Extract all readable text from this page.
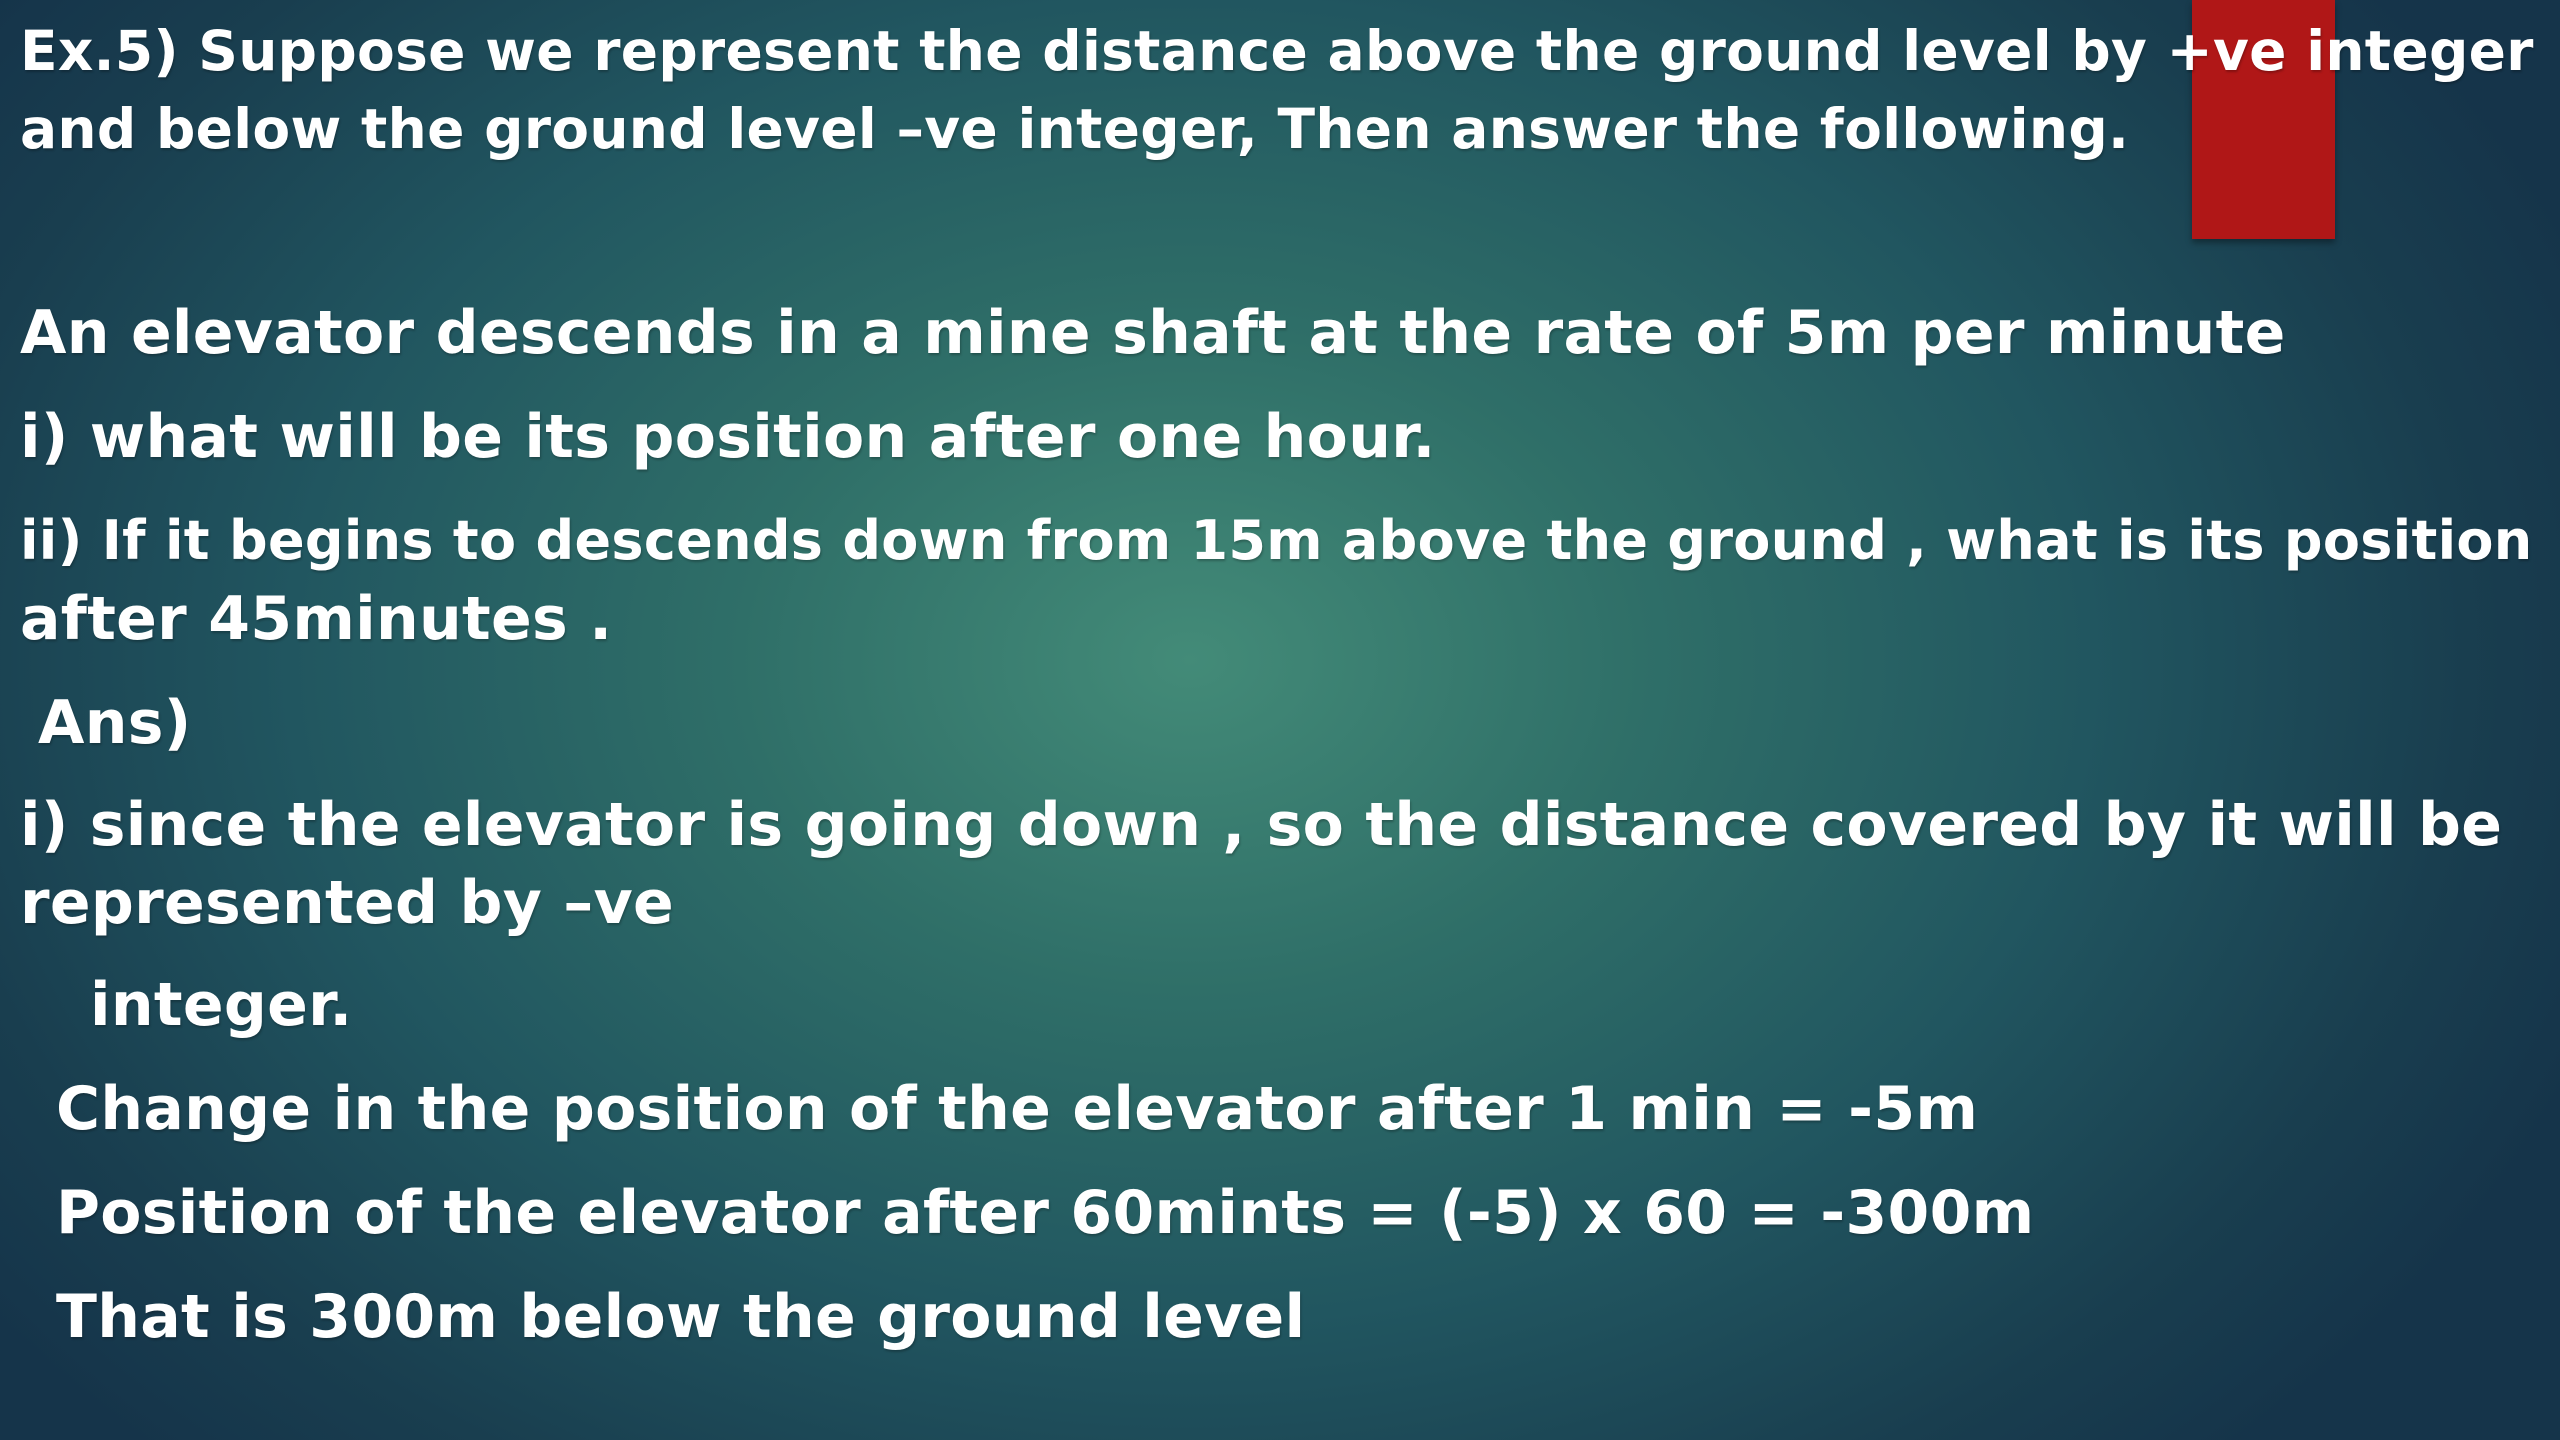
Ex.5) Suppose we represent the distance above the ground level by +ve integer
and below the ground level –ve integer, Then answer the following.

An elevator descends in a mine shaft at the rate of 5m per minute

i) what will be its position after one hour.

ii) If it begins to descends down from 15m above the ground , what is its position

after 45minutes .

Ans)

i) since the elevator is going down , so the distance covered by it will be

represented by –ve

integer.

Change in the position of the elevator after 1 min = -5m

Position of the elevator after 60mints = (-5) x 60 = -300m

That is 300m below the ground level
